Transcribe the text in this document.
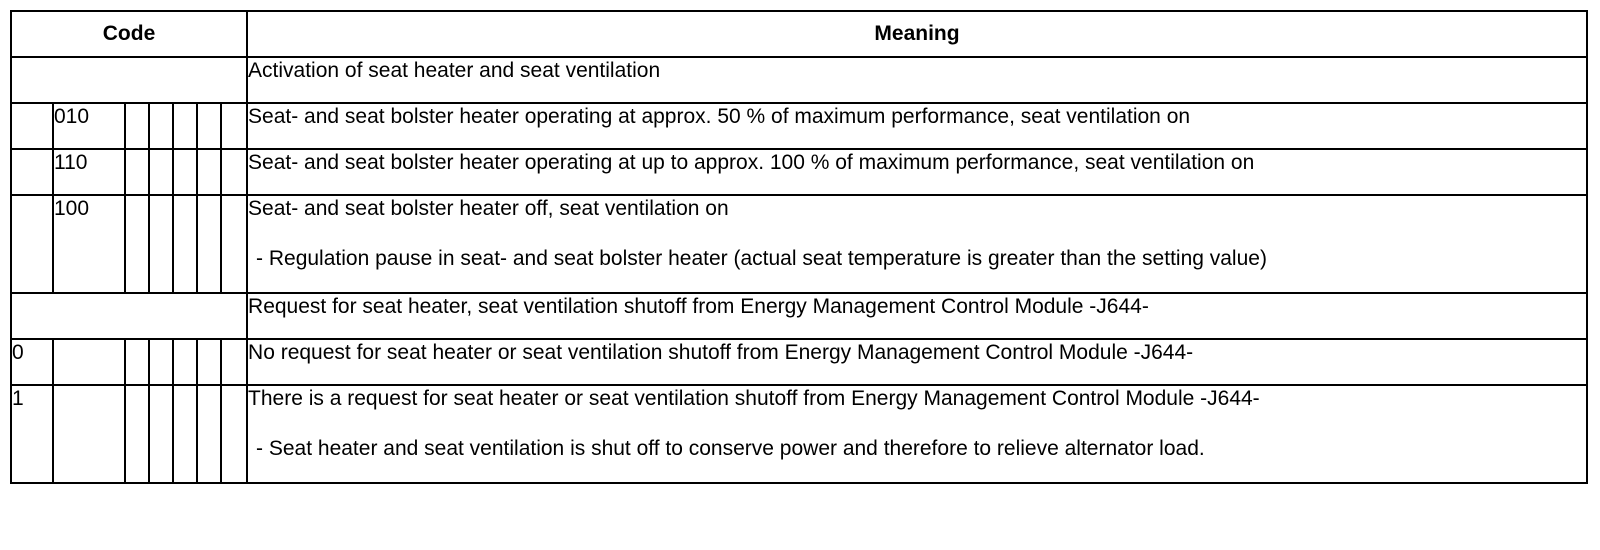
Code							Meaning
							Activation of seat heater and seat ventilation
	010						Seat- and seat bolster heater operating at approx. 50 % of maximum performance, seat ventilation on
	110						Seat- and seat bolster heater operating at up to approx. 100 % of maximum performance, seat ventilation on
	100						Seat- and seat bolster heater off, seat ventilation on
- Regulation pause in seat- and seat bolster heater (actual seat temperature is greater than the setting value)

							Request for seat heater, seat ventilation shutoff from Energy Management Control Module -J644-
0							No request for seat heater or seat ventilation shutoff from Energy Management Control Module -J644-
1							There is a request for seat heater or seat ventilation shutoff from Energy Management Control Module -J644-
- Seat heater and seat ventilation is shut off to conserve power and therefore to relieve alternator load.
